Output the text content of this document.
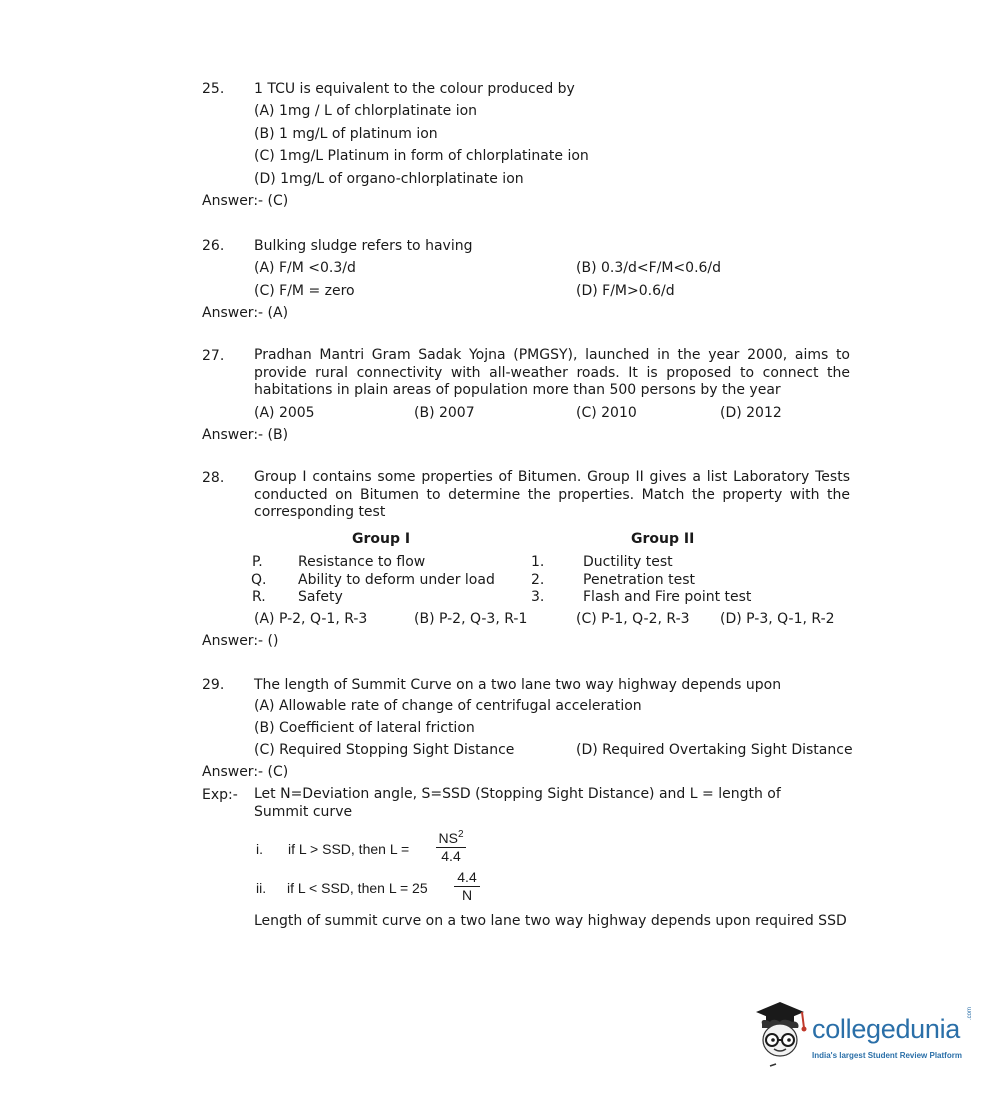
25. 1 TCU is equivalent to the colour produced by
(A) 1mg / L of chlorplatinate ion
(B) 1 mg/L of platinum ion
(C) 1mg/L Platinum in form of chlorplatinate ion
(D) 1mg/L of organo-chlorplatinate ion
Answer:- (C)
26. Bulking sludge refers to having
(A) F/M <0.3/d	(B) 0.3/d<F/M<0.6/d
(C) F/M = zero	(D) F/M>0.6/d
Answer:- (A)
27. Pradhan Mantri Gram Sadak Yojna (PMGSY), launched in the year 2000, aims to provide rural connectivity with all-weather roads. It is proposed to connect the habitations in plain areas of population more than 500 persons by the year
(A) 2005	(B) 2007	(C) 2010	(D) 2012
Answer:- (B)
28. Group I contains some properties of Bitumen. Group II gives a list Laboratory Tests conducted on Bitumen to determine the properties. Match the property with the corresponding test
Group I	Group II
P.	Resistance to flow	1.	Ductility test
Q. Ability to deform under load	2.	Penetration test
R. Safety	3.	Flash and Fire point test
(A) P-2, Q-1, R-3	(B) P-2, Q-3, R-1	(C) P-1, Q-2, R-3 (D) P-3, Q-1, R-2
Answer:- ()
29. The length of Summit Curve on a two lane two way highway depends upon
(A) Allowable rate of change of centrifugal acceleration
(B) Coefficient of lateral friction
(C) Required Stopping Sight Distance	(D) Required Overtaking Sight Distance
Answer:- (C)
Exp:- Let N=Deviation angle, S=SSD (Stopping Sight Distance) and L = length of Summit curve
i. if L > SSD, then $L = \frac{NS^2}{4.4}$
ii. if L < SSD, then $L = 25 \frac{4.4}{N}$
Length of summit curve on a two lane two way highway depends upon required SSD
collegedunia
.com
India's largest Student Review Platform
